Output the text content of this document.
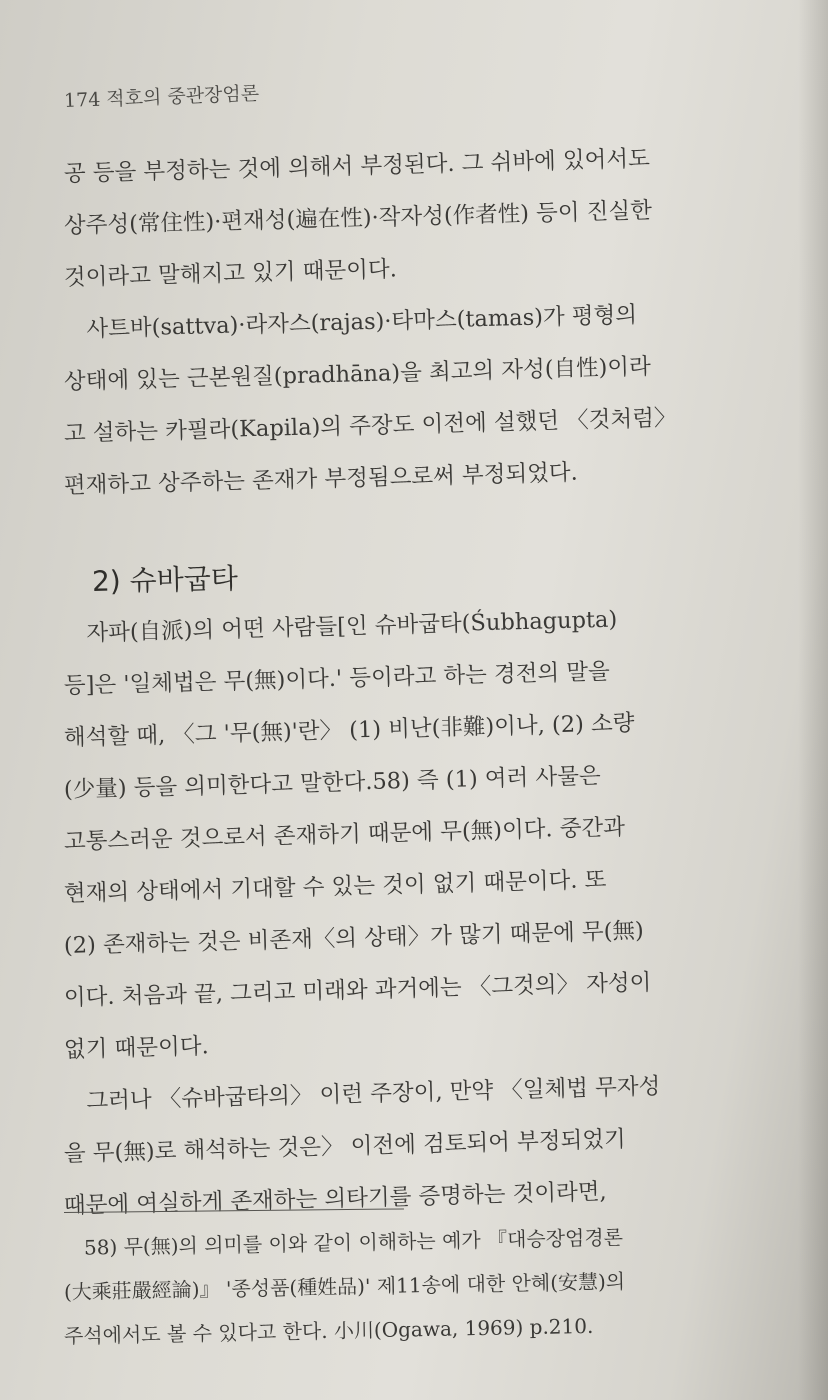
174 적호의 중관장엄론
공 등을 부정하는 것에 의해서 부정된다. 그 쉬바에 있어서도
상주성(常住性)·편재성(遍在性)·작자성(作者性) 등이 진실한
것이라고 말해지고 있기 때문이다.
　사트바(sattva)·라자스(rajas)·타마스(tamas)가 평형의
상태에 있는 근본원질(pradhāna)을 최고의 자성(自性)이라
고 설하는 카필라(Kapila)의 주장도 이전에 설했던 〈것처럼〉
편재하고 상주하는 존재가 부정됨으로써 부정되었다.
2) 슈바굽타
　자파(自派)의 어떤 사람들[인 슈바굽타(Śubhagupta)
등]은 '일체법은 무(無)이다.' 등이라고 하는 경전의 말을
해석할 때, 〈그 '무(無)'란〉 (1) 비난(非難)이나, (2) 소량
(少量) 등을 의미한다고 말한다.58) 즉 (1) 여러 사물은
고통스러운 것으로서 존재하기 때문에 무(無)이다. 중간과
현재의 상태에서 기대할 수 있는 것이 없기 때문이다. 또
(2) 존재하는 것은 비존재〈의 상태〉가 많기 때문에 무(無)
이다. 처음과 끝, 그리고 미래와 과거에는 〈그것의〉 자성이
없기 때문이다.
　그러나 〈슈바굽타의〉 이런 주장이, 만약 〈일체법 무자성
을 무(無)로 해석하는 것은〉 이전에 검토되어 부정되었기
때문에 여실하게 존재하는 의타기를 증명하는 것이라면,
　58) 무(無)의 의미를 이와 같이 이해하는 예가 『대승장엄경론
(大乘莊嚴經論)』 '종성품(種姓品)' 제11송에 대한 안혜(安慧)의
주석에서도 볼 수 있다고 한다. 小川(Ogawa, 1969) p.210.
